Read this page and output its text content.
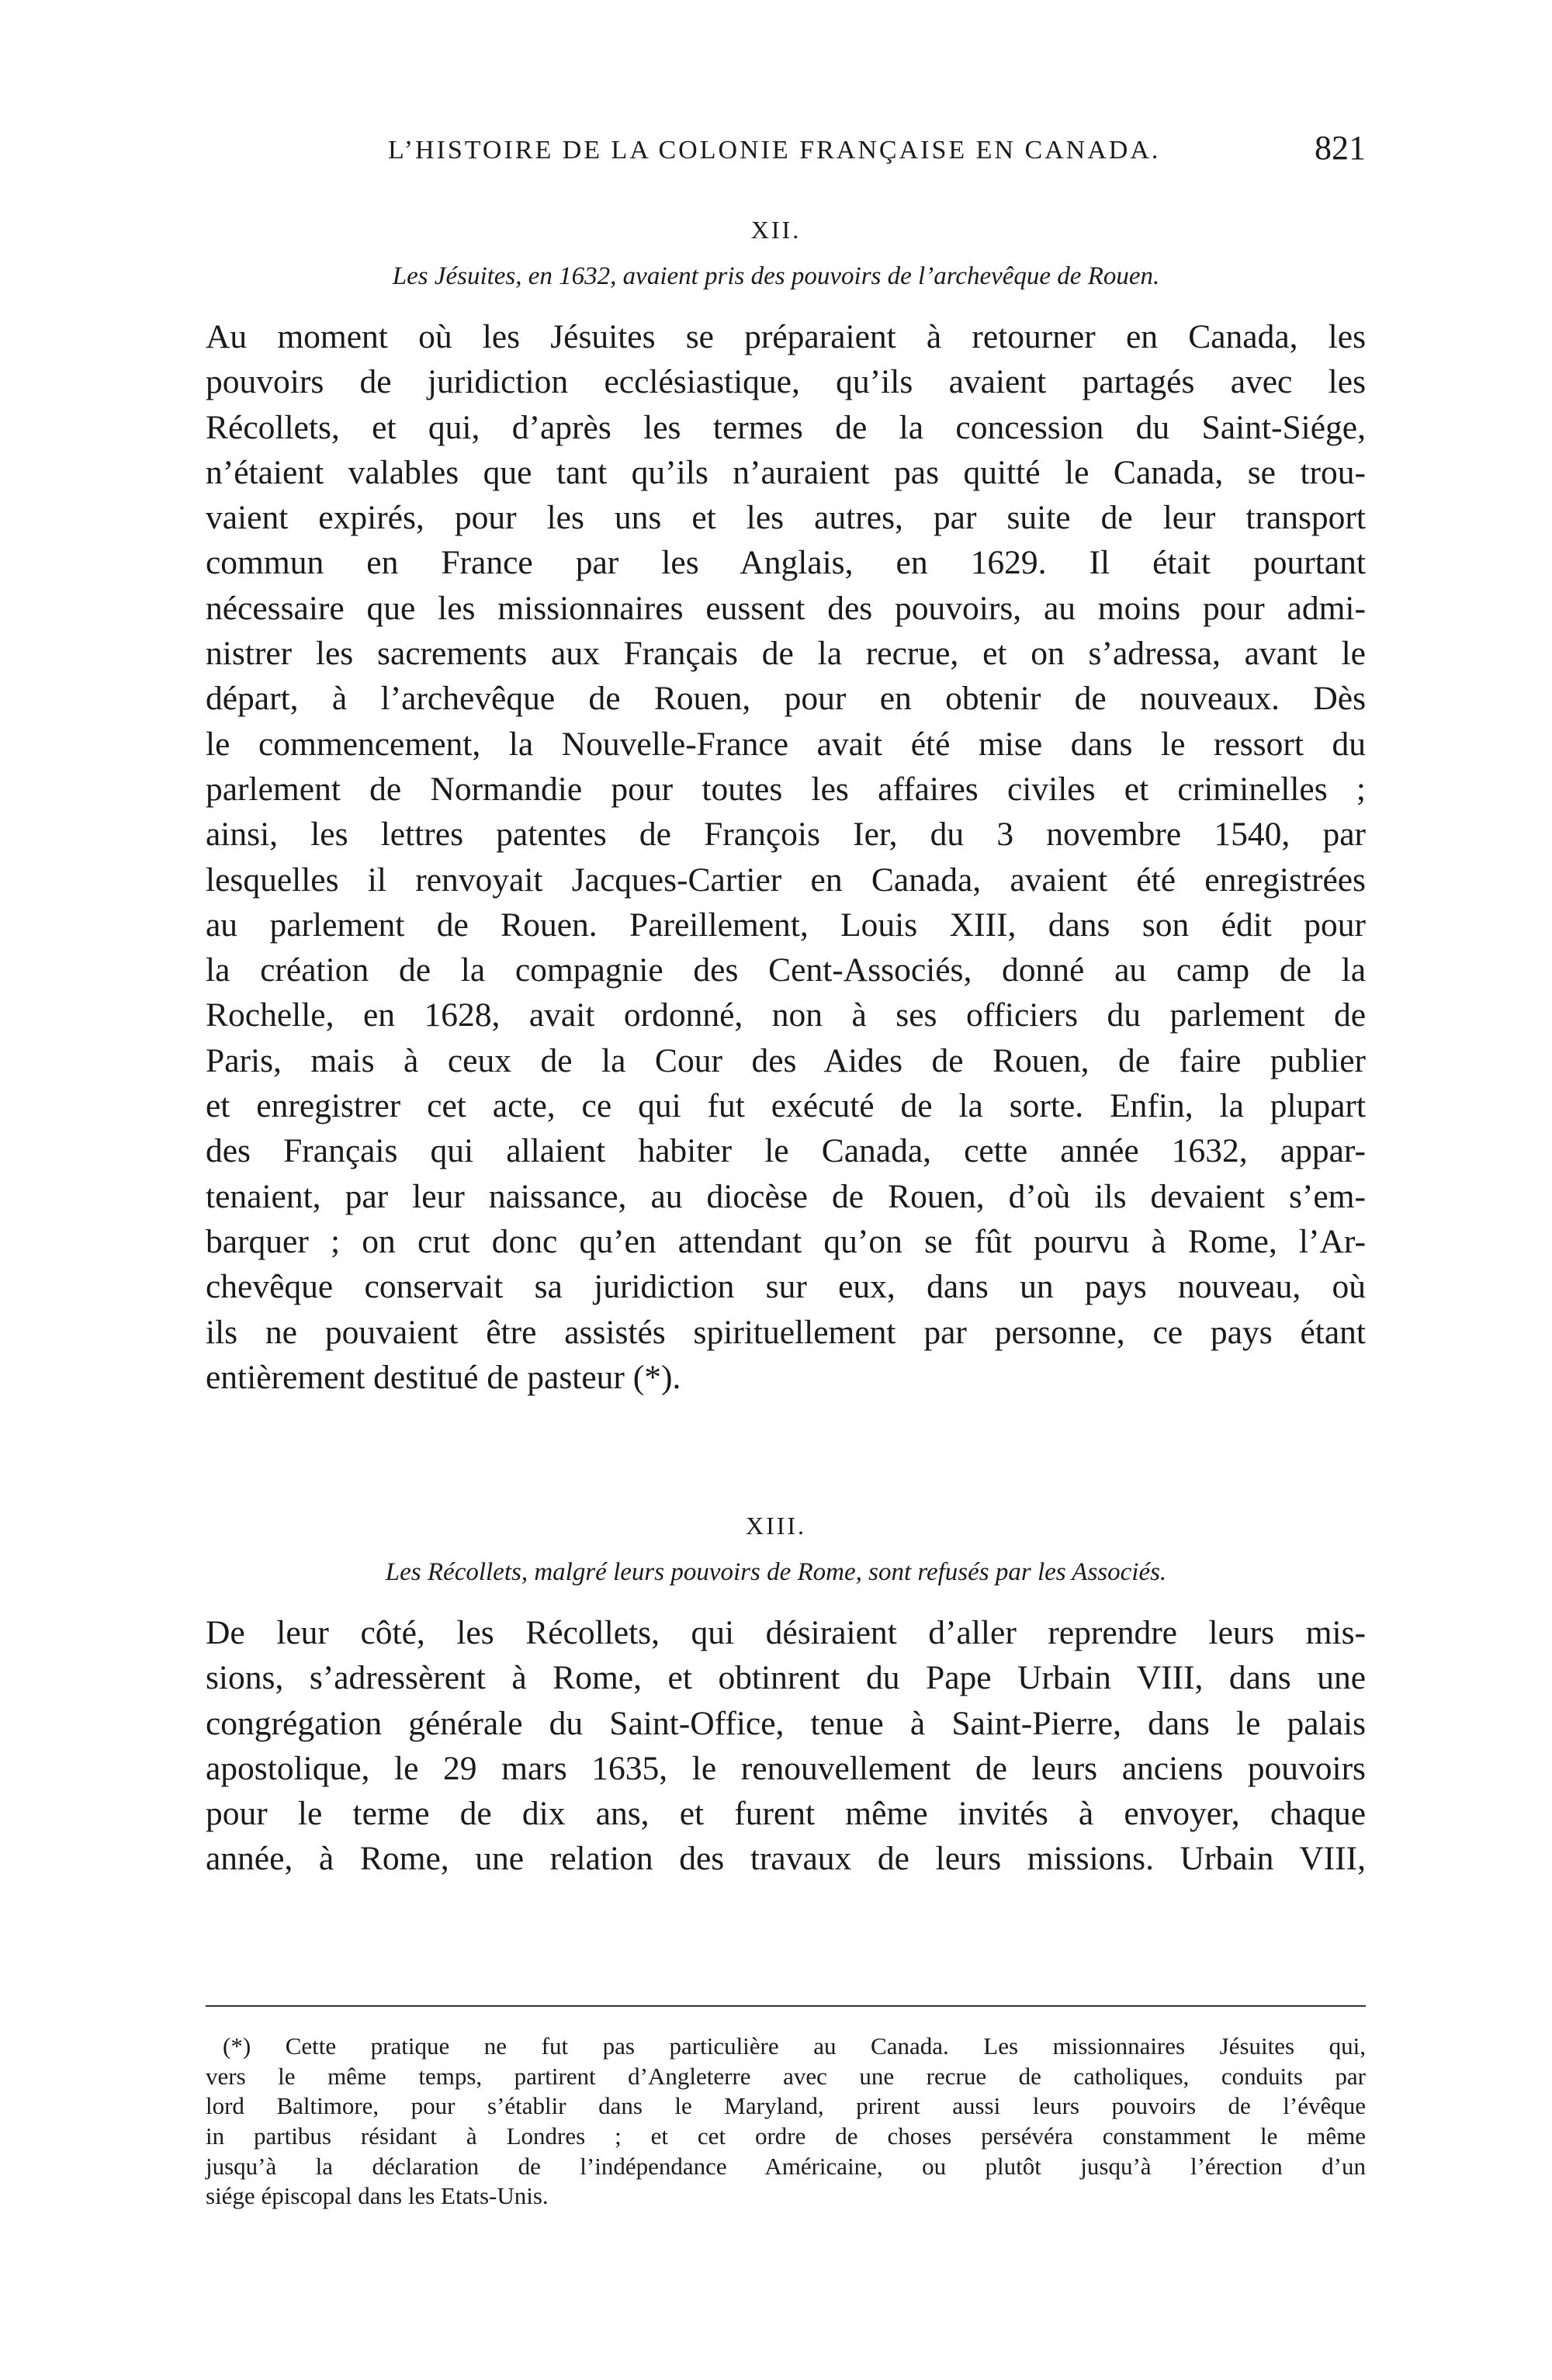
L’HISTOIRE DE LA COLONIE FRANÇAISE EN CANADA.	821
XII.
Les Jésuites, en 1632, avaient pris des pouvoirs de l’archevêque de Rouen.
Au moment où les Jésuites se préparaient à retourner en Canada, les
pouvoirs de juridiction ecclésiastique, qu’ils avaient partagés avec les
Récollets, et qui, d’après les termes de la concession du Saint-Siége,
n’étaient valables que tant qu’ils n’auraient pas quitté le Canada, se trou-
vaient expirés, pour les uns et les autres, par suite de leur transport
commun en France par les Anglais, en 1629. Il était pourtant
nécessaire que les missionnaires eussent des pouvoirs, au moins pour admi-
nistrer les sacrements aux Français de la recrue, et on s’adressa, avant le
départ, à l’archevêque de Rouen, pour en obtenir de nouveaux. Dès
le commencement, la Nouvelle-France avait été mise dans le ressort du
parlement de Normandie pour toutes les affaires civiles et criminelles ;
ainsi, les lettres patentes de François Ier, du 3 novembre 1540, par
lesquelles il renvoyait Jacques-Cartier en Canada, avaient été enregistrées
au parlement de Rouen. Pareillement, Louis XIII, dans son édit pour
la création de la compagnie des Cent-Associés, donné au camp de la
Rochelle, en 1628, avait ordonné, non à ses officiers du parlement de
Paris, mais à ceux de la Cour des Aides de Rouen, de faire publier
et enregistrer cet acte, ce qui fut exécuté de la sorte. Enfin, la plupart
des Français qui allaient habiter le Canada, cette année 1632, appar-
tenaient, par leur naissance, au diocèse de Rouen, d’où ils devaient s’em-
barquer ; on crut donc qu’en attendant qu’on se fût pourvu à Rome, l’Ar-
chevêque conservait sa juridiction sur eux, dans un pays nouveau, où
ils ne pouvaient être assistés spirituellement par personne, ce pays étant
entièrement destitué de pasteur (*).
XIII.
Les Récollets, malgré leurs pouvoirs de Rome, sont refusés par les Associés.
De leur côté, les Récollets, qui désiraient d’aller reprendre leurs mis-
sions, s’adressèrent à Rome, et obtinrent du Pape Urbain VIII, dans une
congrégation générale du Saint-Office, tenue à Saint-Pierre, dans le palais
apostolique, le 29 mars 1635, le renouvellement de leurs anciens pouvoirs
pour le terme de dix ans, et furent même invités à envoyer, chaque
année, à Rome, une relation des travaux de leurs missions. Urbain VIII,
(*) Cette pratique ne fut pas particulière au Canada. Les missionnaires Jésuites qui,
vers le même temps, partirent d’Angleterre avec une recrue de catholiques, conduits par
lord Baltimore, pour s’établir dans le Maryland, prirent aussi leurs pouvoirs de l’évêque
in partibus résidant à Londres ; et cet ordre de choses persévéra constamment le même
jusqu’à la déclaration de l’indépendance Américaine, ou plutôt jusqu’à l’érection d’un
siége épiscopal dans les Etats-Unis.
